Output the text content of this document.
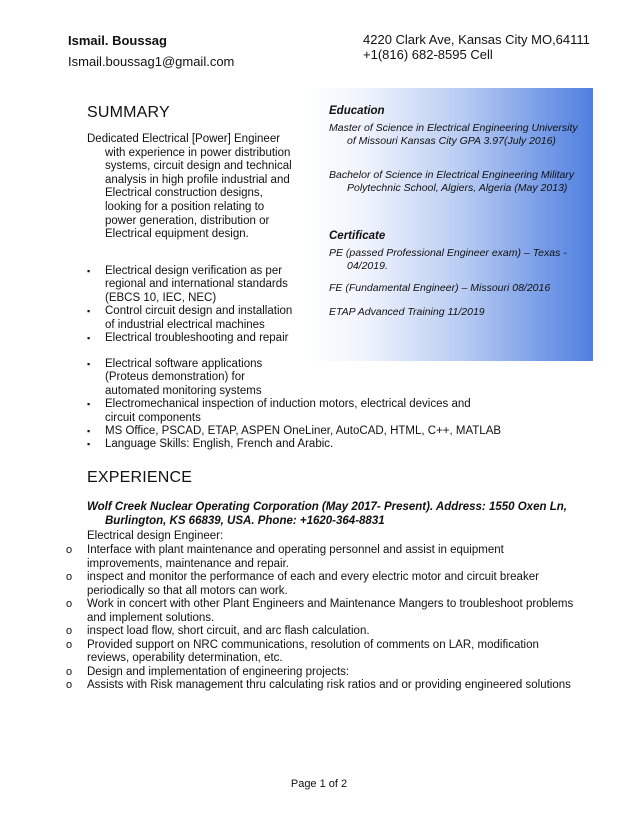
Ismail. Boussag
Ismail.boussag1@gmail.com
4220 Clark Ave, Kansas City MO,64111
+1(816) 682-8595 Cell
Education
Master of Science in Electrical Engineering University of Missouri Kansas City GPA 3.97(July 2016)
Bachelor of Science in Electrical Engineering Military Polytechnic School, Algiers, Algeria (May 2013)
Certificate
PE (passed Professional Engineer exam) – Texas - 04/2019.
FE (Fundamental Engineer) – Missouri 08/2016
ETAP Advanced Training 11/2019
SUMMARY
Dedicated Electrical [Power] Engineer with experience in power distribution systems, circuit design and technical analysis in high profile industrial and Electrical construction designs, looking for a position relating to power generation, distribution or Electrical equipment design.
▪ Electrical design verification as per regional and international standards (EBCS 10, IEC, NEC)
▪ Control circuit design and installation of industrial electrical machines
▪ Electrical troubleshooting and repair
▪ Electrical software applications (Proteus demonstration) for automated monitoring systems
▪ Electromechanical inspection of induction motors, electrical devices and circuit components
▪ MS Office, PSCAD, ETAP, ASPEN OneLiner, AutoCAD, HTML, C++, MATLAB
▪ Language Skills: English, French and Arabic.
EXPERIENCE
Wolf Creek Nuclear Operating Corporation (May 2017- Present). Address: 1550 Oxen Ln, Burlington, KS 66839, USA. Phone: +1620-364-8831
Electrical design Engineer:
o Interface with plant maintenance and operating personnel and assist in equipment improvements, maintenance and repair.
o inspect and monitor the performance of each and every electric motor and circuit breaker periodically so that all motors can work.
o Work in concert with other Plant Engineers and Maintenance Mangers to troubleshoot problems and implement solutions.
o inspect load flow, short circuit, and arc flash calculation.
o Provided support on NRC communications, resolution of comments on LAR, modification reviews, operability determination, etc.
o Design and implementation of engineering projects:
o Assists with Risk management thru calculating risk ratios and or providing engineered solutions
Page 1 of 2
